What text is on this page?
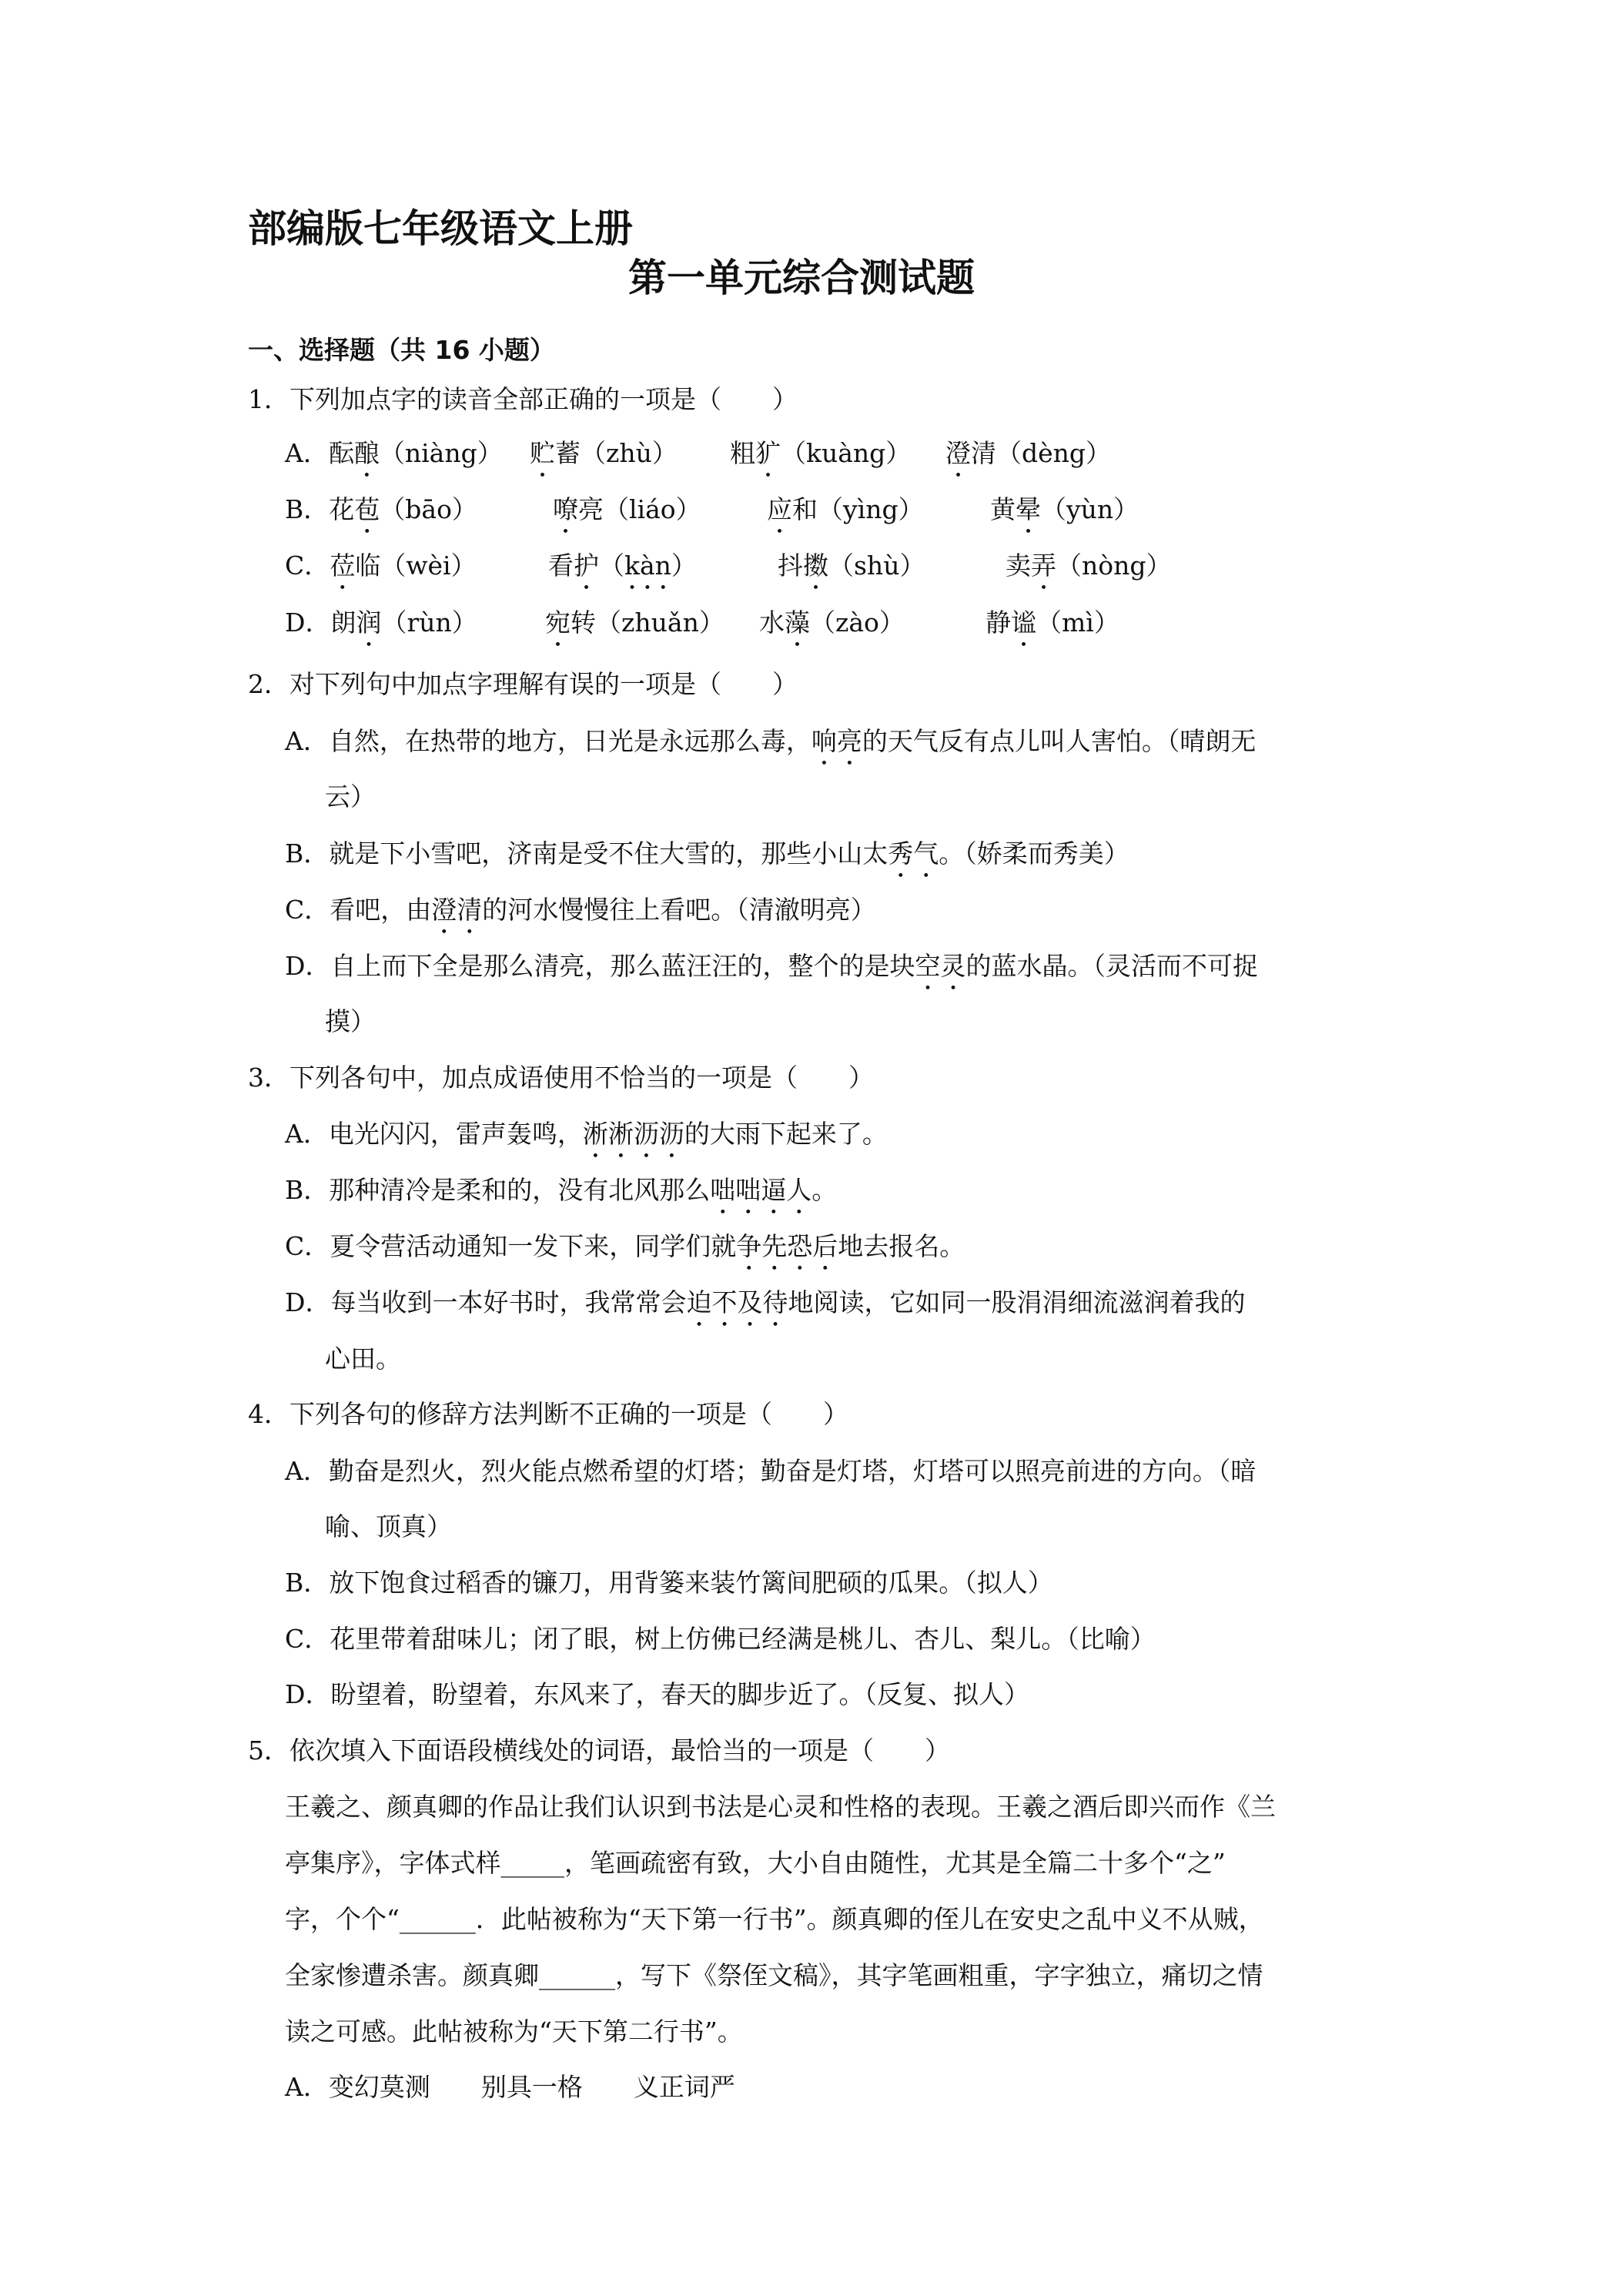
部编版七年级语文上册
第一单元综合测试题
一、选择题（共 16 小题）
1．下列加点字的读音全部正确的一项是（　　）
A．酝酿（niàng） 贮蓄（zhù） 粗犷（kuàng） 澄清（dèng）
B．花苞（bāo）	嘹亮（liáo）	应和（yìng）	黄晕（yùn）
C．莅临（wèi）	看护（kàn）	抖擞（shù）	卖弄（nòng）
D．朗润（rùn）	宛转（zhuǎn） 水藻（zào）	静谧（mì）
2．对下列句中加点字理解有误的一项是（　　）
A．自然，在热带的地方，日光是永远那么毒，响亮的天气反有点儿叫人害怕。（晴朗无
云）
B．就是下小雪吧，济南是受不住大雪的，那些小山太秀气。（娇柔而秀美）
C．看吧，由澄清的河水慢慢往上看吧。（清澈明亮）
D．自上而下全是那么清亮，那么蓝汪汪的，整个的是块空灵的蓝水晶。（灵活而不可捉
摸）
3．下列各句中，加点成语使用不恰当的一项是（　　）
A．电光闪闪，雷声轰鸣，淅淅沥沥的大雨下起来了。
B．那种清冷是柔和的，没有北风那么咄咄逼人。
C．夏令营活动通知一发下来，同学们就争先恐后地去报名。
D．每当收到一本好书时，我常常会迫不及待地阅读，它如同一股涓涓细流滋润着我的
心田。
4．下列各句的修辞方法判断不正确的一项是（　　）
A．勤奋是烈火，烈火能点燃希望的灯塔；勤奋是灯塔，灯塔可以照亮前进的方向。（暗
喻、顶真）
B．放下饱食过稻香的镰刀，用背篓来装竹篱间肥硕的瓜果。（拟人）
C．花里带着甜味儿；闭了眼，树上仿佛已经满是桃儿、杏儿、梨儿。（比喻）
D．盼望着，盼望着，东风来了，春天的脚步近了。（反复、拟人）
5．依次填入下面语段横线处的词语，最恰当的一项是（　　）
王羲之、颜真卿的作品让我们认识到书法是心灵和性格的表现。王羲之酒后即兴而作《兰
亭集序》，字体式样_____，笔画疏密有致，大小自由随性，尤其是全篇二十多个“之”
字，个个“______．此帖被称为“天下第一行书”。颜真卿的侄儿在安史之乱中义不从贼，
全家惨遭杀害。颜真卿______，写下《祭侄文稿》，其字笔画粗重，字字独立，痛切之情
读之可感。此帖被称为“天下第二行书”。
A．变幻莫测　　别具一格　　义正词严
